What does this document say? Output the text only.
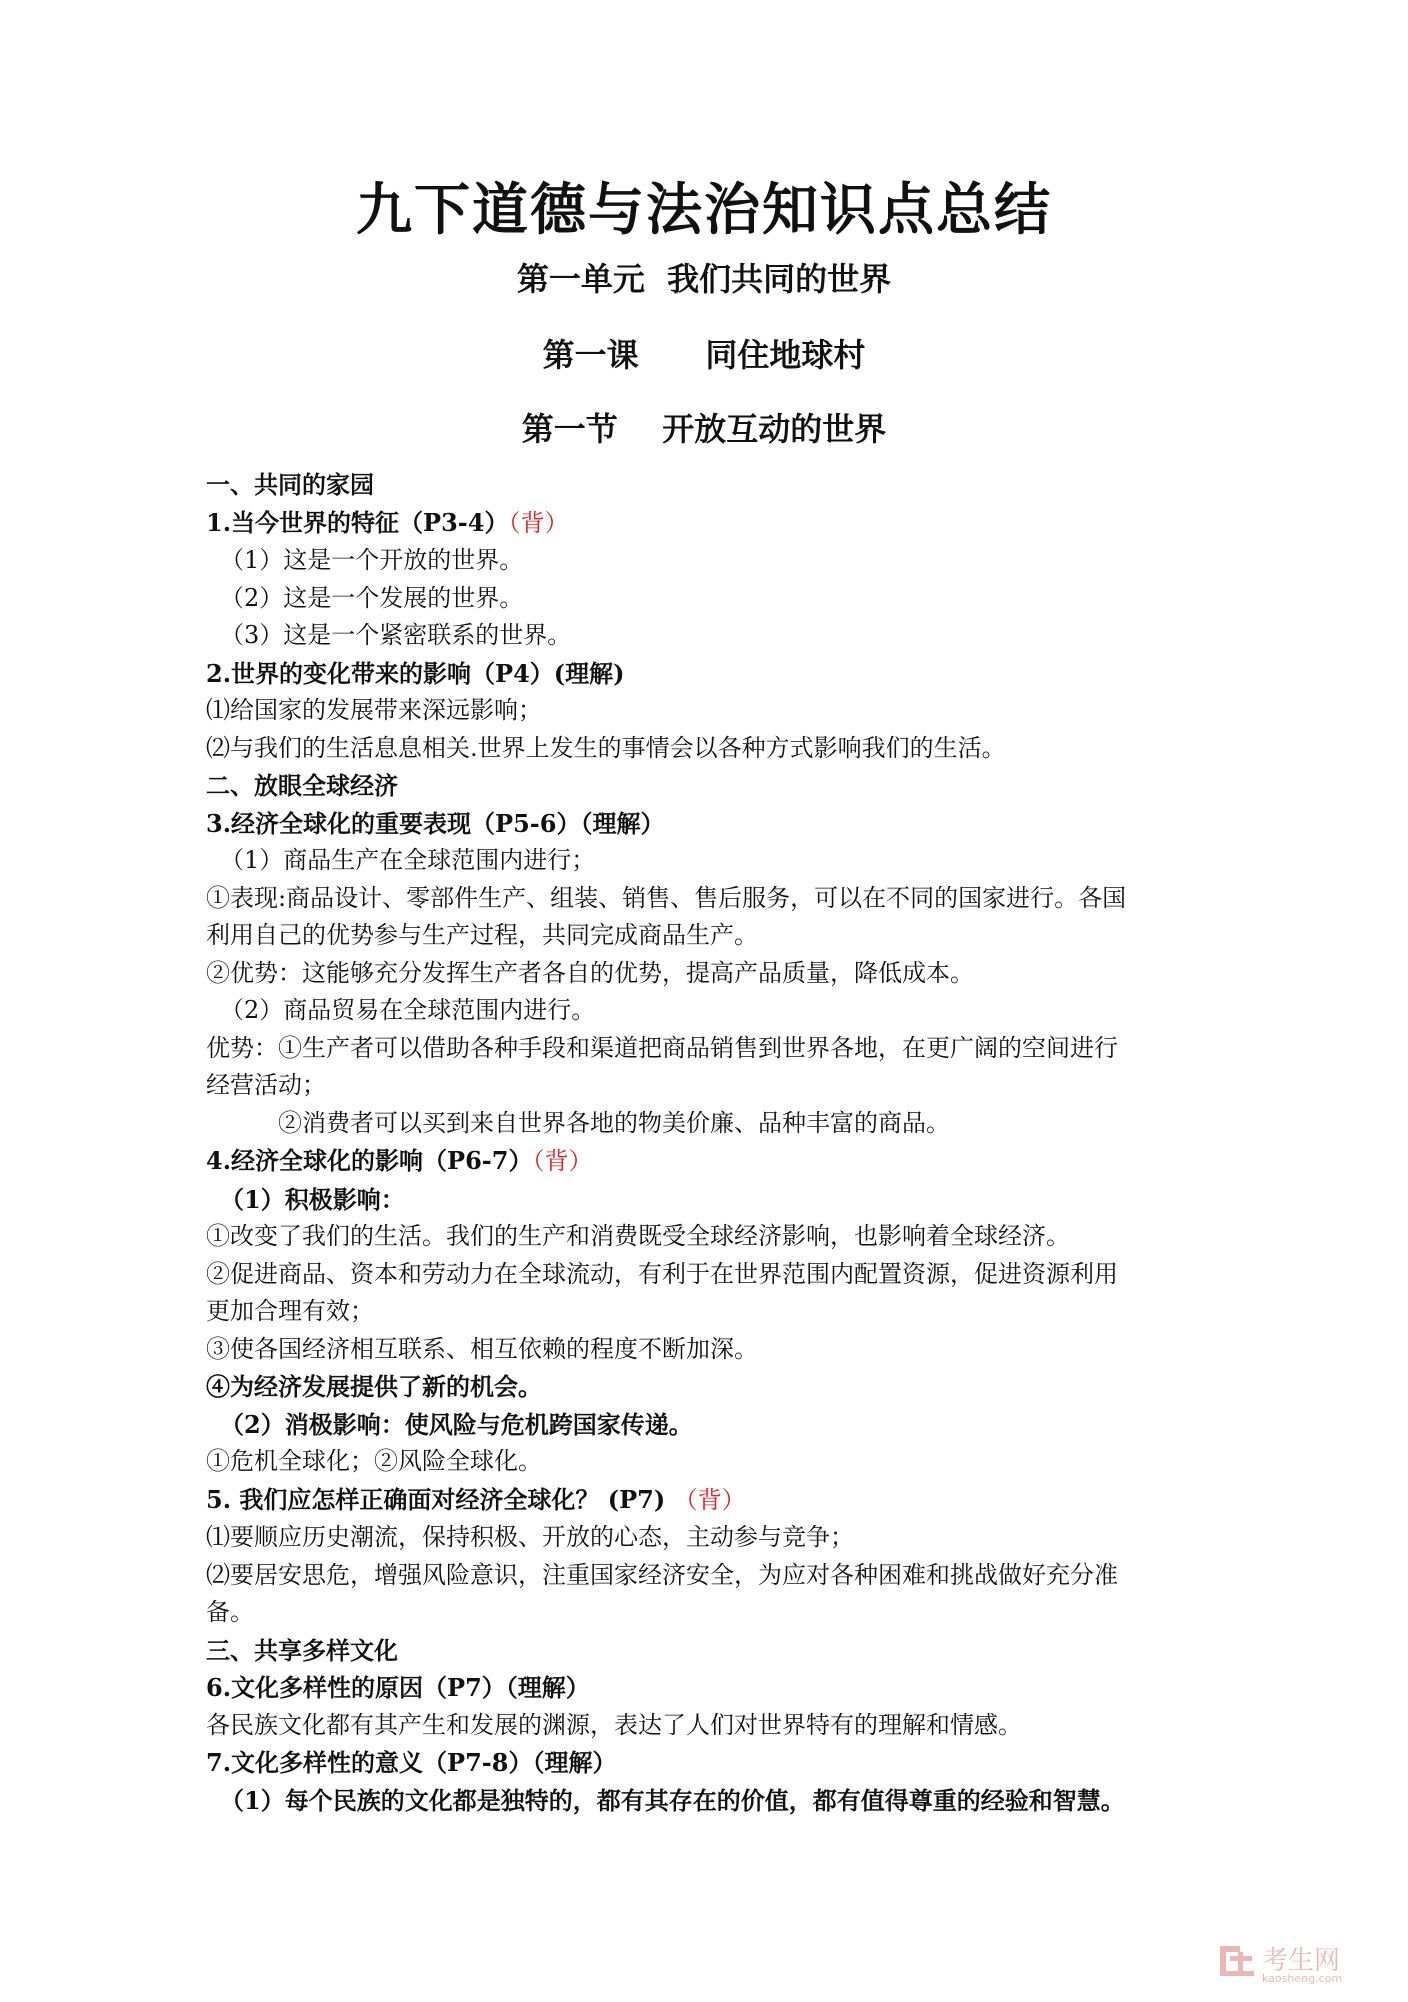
九下道德与法治知识点总结
第一单元  我们共同的世界
第一课      同住地球村
第一节    开放互动的世界
一、共同的家园
1.当今世界的特征（P3-4）（背）
（1）这是一个开放的世界。
（2）这是一个发展的世界。
（3）这是一个紧密联系的世界。
2.世界的变化带来的影响（P4）(理解)
⑴给国家的发展带来深远影响；
⑵与我们的生活息息相关.世界上发生的事情会以各种方式影响我们的生活。
二、放眼全球经济
3.经济全球化的重要表现（P5-6）（理解）
（1）商品生产在全球范围内进行；
①表现:商品设计、零部件生产、组装、销售、售后服务，可以在不同的国家进行。各国
利用自己的优势参与生产过程，共同完成商品生产。
②优势：这能够充分发挥生产者各自的优势，提高产品质量，降低成本。
（2）商品贸易在全球范围内进行。
优势：①生产者可以借助各种手段和渠道把商品销售到世界各地，在更广阔的空间进行
经营活动；
②消费者可以买到来自世界各地的物美价廉、品种丰富的商品。
4.经济全球化的影响（P6-7）（背）
（1）积极影响：
①改变了我们的生活。我们的生产和消费既受全球经济影响，也影响着全球经济。
②促进商品、资本和劳动力在全球流动，有利于在世界范围内配置资源，促进资源利用
更加合理有效；
③使各国经济相互联系、相互依赖的程度不断加深。
④为经济发展提供了新的机会。
（2）消极影响：使风险与危机跨国家传递。
①危机全球化；②风险全球化。
5. 我们应怎样正确面对经济全球化？ (P7) （背）
⑴要顺应历史潮流，保持积极、开放的心态，主动参与竞争；
⑵要居安思危，增强风险意识，注重国家经济安全，为应对各种困难和挑战做好充分准
备。
三、共享多样文化
6.文化多样性的原因（P7）（理解）
各民族文化都有其产生和发展的渊源，表达了人们对世界特有的理解和情感。
7.文化多样性的意义（P7-8）（理解）
（1）每个民族的文化都是独特的，都有其存在的价值，都有值得尊重的经验和智慧。
考生网
kaosheng.com
